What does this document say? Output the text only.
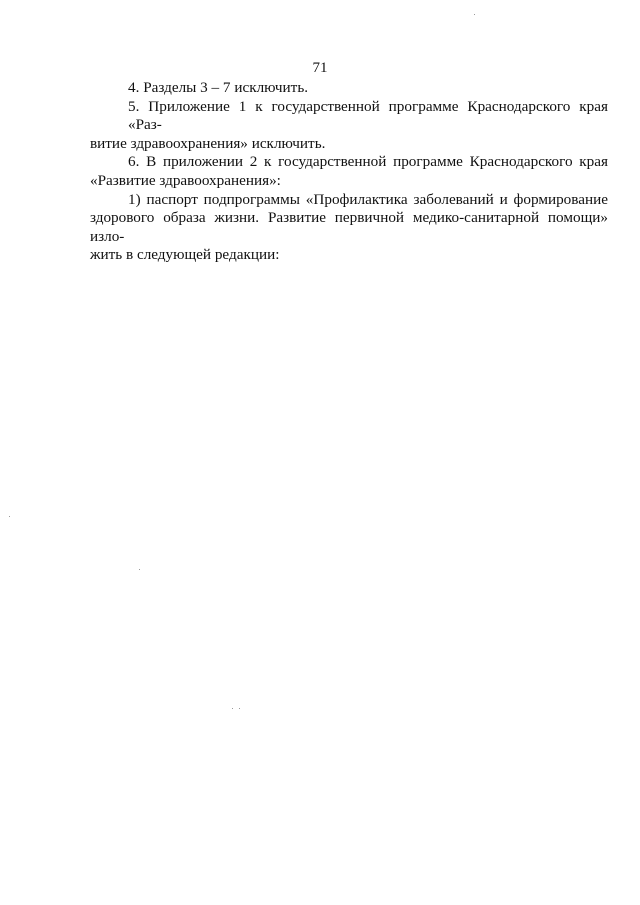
71
4. Разделы 3 – 7 исключить.
5. Приложение 1 к государственной программе Краснодарского края «Раз-
витие здравоохранения» исключить.
6. В приложении 2 к государственной программе Краснодарского края
«Развитие здравоохранения»:
1) паспорт подпрограммы «Профилактика заболеваний и формирование
здорового образа жизни. Развитие первичной медико-санитарной помощи» изло-
жить в следующей редакции:
